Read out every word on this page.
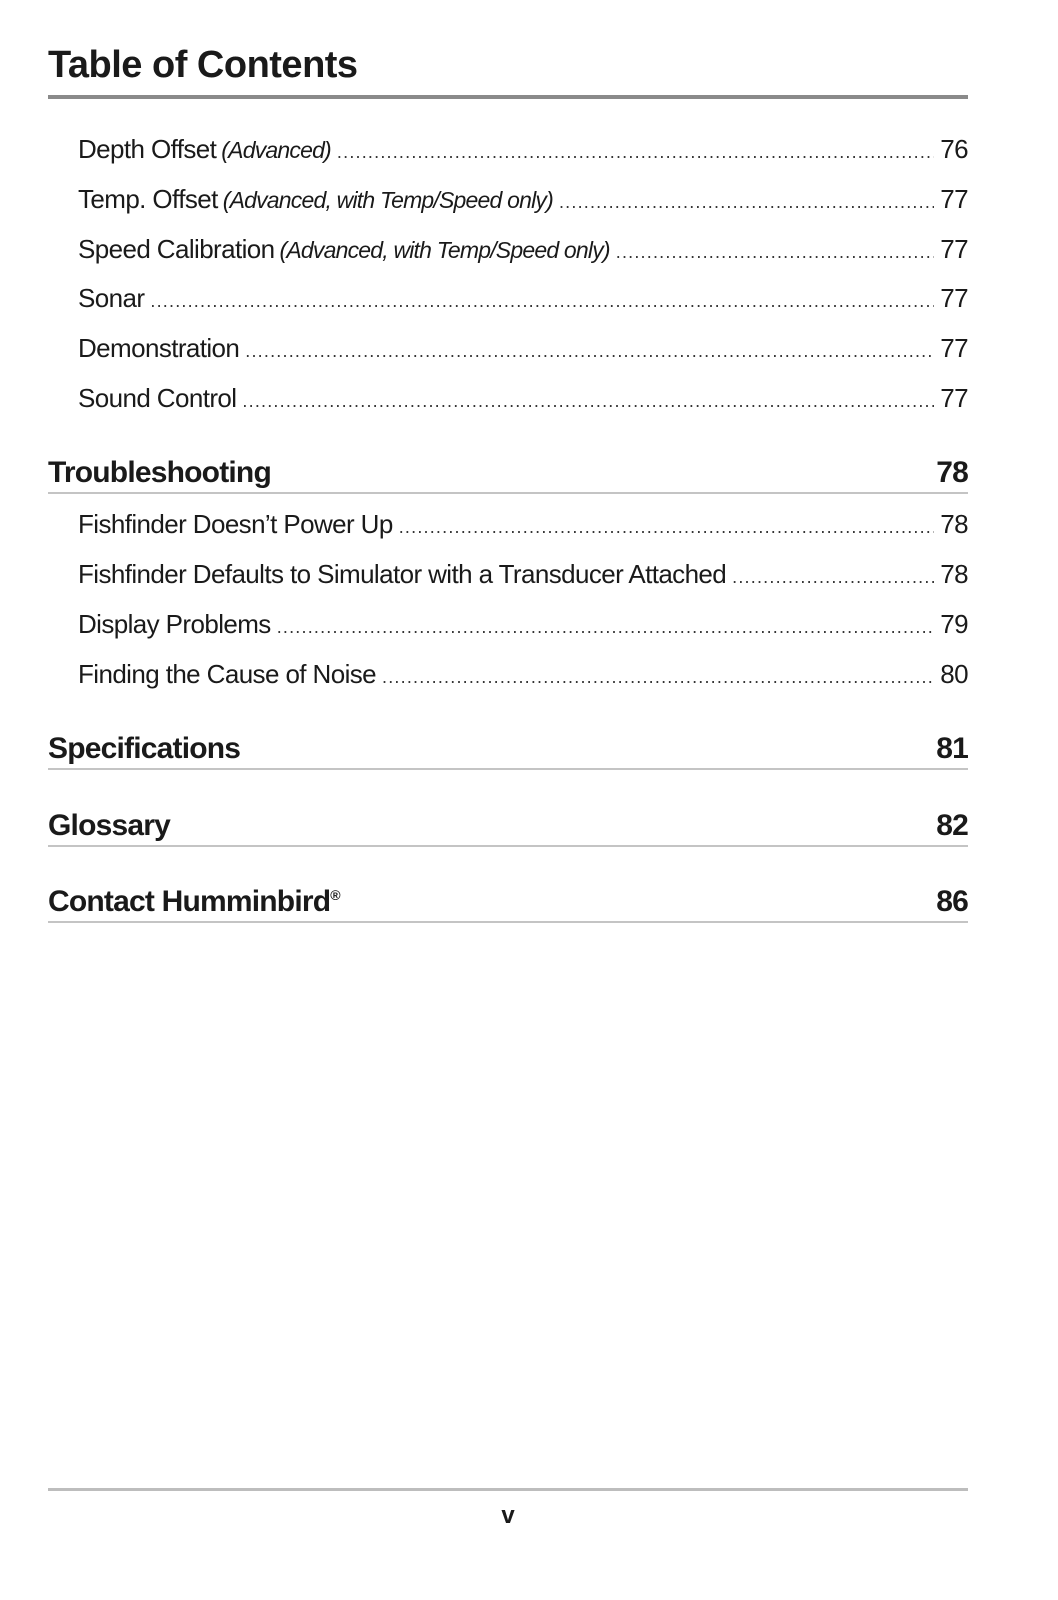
Table of Contents
Depth Offset (Advanced) .....	76
Temp. Offset (Advanced, with Temp/Speed only) .....	77
Speed Calibration (Advanced, with Temp/Speed only) .....	77
Sonar .....	77
Demonstration .....	77
Sound Control .....	77
Troubleshooting	78
Fishfinder Doesn’t Power Up .....	78
Fishfinder Defaults to Simulator with a Transducer Attached .....	78
Display Problems .....	79
Finding the Cause of Noise .....	80
Specifications	81
Glossary	82
Contact Humminbird®	86
v
